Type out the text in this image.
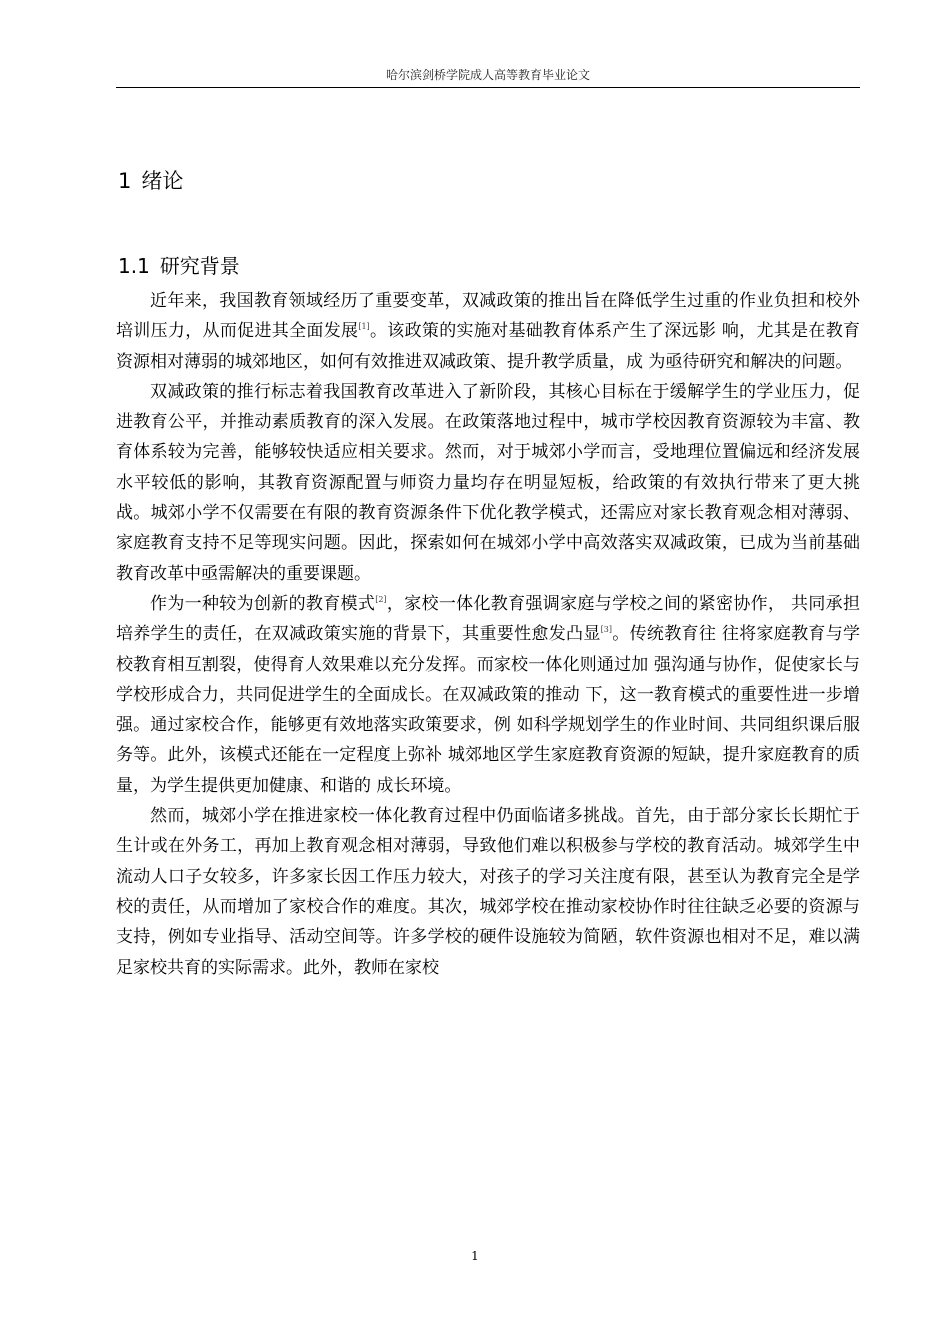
哈尔滨剑桥学院成人高等教育毕业论文
1 绪论
1.1 研究背景

近年来，我国教育领域经历了重要变革，双减政策的推出旨在降低学生过重的作业负担和校外培训压力，从而促进其全面发展[1]。该政策的实施对基础教育体系产生了深远影 响，尤其是在教育资源相对薄弱的城郊地区，如何有效推进双减政策、提升教学质量，成 为亟待研究和解决的问题。

双减政策的推行标志着我国教育改革进入了新阶段，其核心目标在于缓解学生的学业压力，促进教育公平，并推动素质教育的深入发展。在政策落地过程中，城市学校因教育资源较为丰富、教育体系较为完善，能够较快适应相关要求。然而，对于城郊小学而言，受地理位置偏远和经济发展水平较低的影响，其教育资源配置与师资力量均存在明显短板，给政策的有效执行带来了更大挑战。城郊小学不仅需要在有限的教育资源条件下优化教学模式，还需应对家长教育观念相对薄弱、家庭教育支持不足等现实问题。因此，探索如何在城郊小学中高效落实双减政策，已成为当前基础教育改革中亟需解决的重要课题。

作为一种较为创新的教育模式[2]，家校一体化教育强调家庭与学校之间的紧密协作， 共同承担培养学生的责任，在双减政策实施的背景下，其重要性愈发凸显[3]。传统教育往 往将家庭教育与学校教育相互割裂，使得育人效果难以充分发挥。而家校一体化则通过加 强沟通与协作，促使家长与学校形成合力，共同促进学生的全面成长。在双减政策的推动 下，这一教育模式的重要性进一步增强。通过家校合作，能够更有效地落实政策要求，例 如科学规划学生的作业时间、共同组织课后服务等。此外，该模式还能在一定程度上弥补 城郊地区学生家庭教育资源的短缺，提升家庭教育的质量，为学生提供更加健康、和谐的 成长环境。

然而，城郊小学在推进家校一体化教育过程中仍面临诸多挑战。首先，由于部分家长长期忙于生计或在外务工，再加上教育观念相对薄弱，导致他们难以积极参与学校的教育活动。城郊学生中流动人口子女较多，许多家长因工作压力较大，对孩子的学习关注度有限，甚至认为教育完全是学校的责任，从而增加了家校合作的难度。其次，城郊学校在推动家校协作时往往缺乏必要的资源与支持，例如专业指导、活动空间等。许多学校的硬件设施较为简陋，软件资源也相对不足，难以满足家校共育的实际需求。此外，教师在家校

1
